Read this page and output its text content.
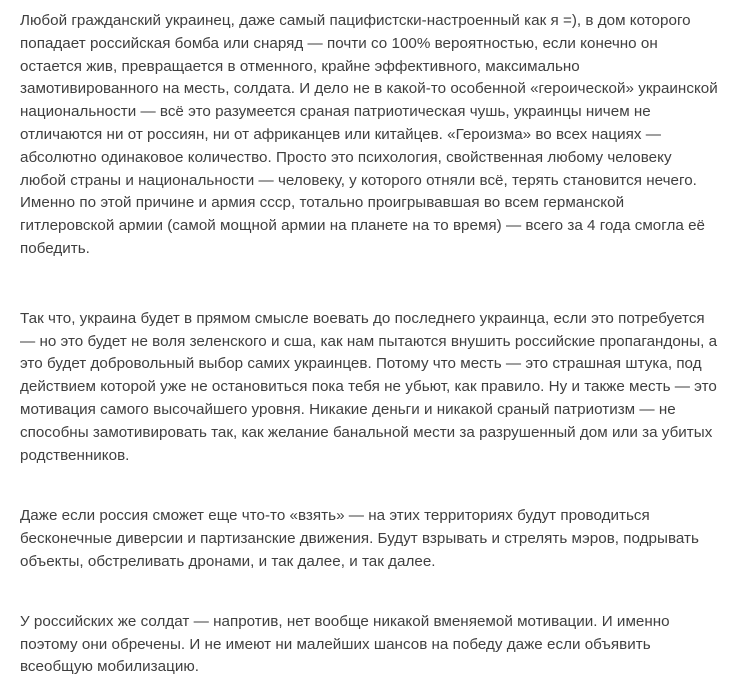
Любой гражданский украинец, даже самый пацифистски-настроенный как я =), в дом которого попадает российская бомба или снаряд — почти со 100% вероятностью, если конечно он остается жив, превращается в отменного, крайне эффективного, максимально замотивированного на месть, солдата. И дело не в какой-то особенной «героической» украинской национальности — всё это разумеется сраная патриотическая чушь, украинцы ничем не отличаются ни от россиян, ни от африканцев или китайцев. «Героизма» во всех нациях — абсолютно одинаковое количество. Просто это психология, свойственная любому человеку любой страны и национальности — человеку, у которого отняли всё, терять становится нечего. Именно по этой причине и армия ссср, тотально проигрывавшая во всем германской гитлеровской армии (самой мощной армии на планете на то время) — всего за 4 года смогла её победить.

Так что, украина будет в прямом смысле воевать до последнего украинца, если это потребуется — но это будет не воля зеленского и сша, как нам пытаются внушить российские пропагандоны, а это будет добровольный выбор самих украинцев. Потому что месть — это страшная штука, под действием которой уже не остановиться пока тебя не убьют, как правило. Ну и также месть — это мотивация самого высочайшего уровня. Никакие деньги и никакой сраный патриотизм — не способны замотивировать так, как желание банальной мести за разрушенный дом или за убитых родственников.

Даже если россия сможет еще что-то «взять» — на этих территориях будут проводиться бесконечные диверсии и партизанские движения. Будут взрывать и стрелять мэров, подрывать объекты, обстреливать дронами, и так далее, и так далее.

У российских же солдат — напротив, нет вообще никакой вменяемой мотивации. И именно поэтому они обречены. И не имеют ни малейших шансов на победу даже если объявить всеобщую мобилизацию.
